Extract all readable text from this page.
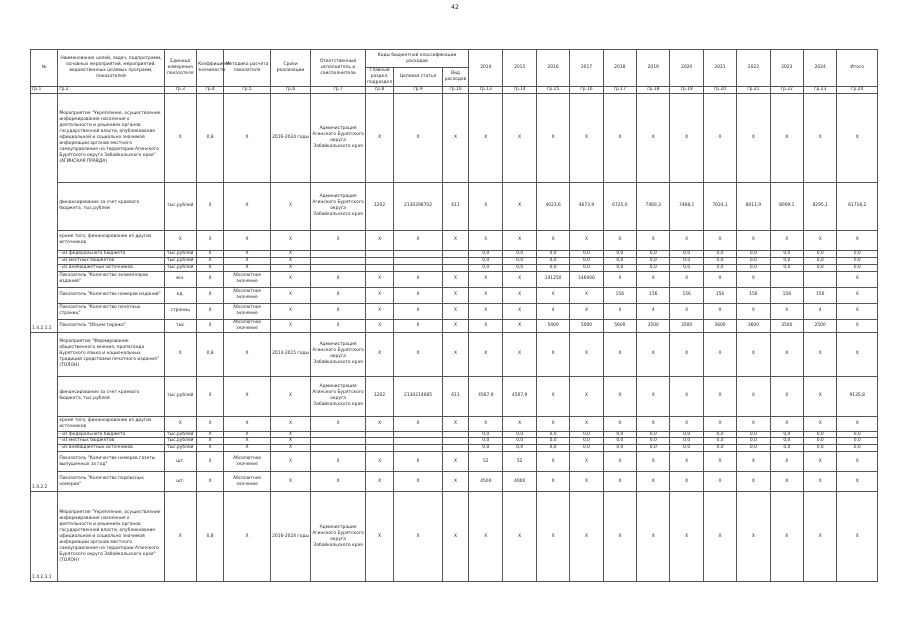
42
№	Наименование целей, задач, подпрограмм, основных мероприятий, мероприятий, ведомственных целевых программ, показателей	Единица измерения показателя	Коэффициент значимости	Методика расчета показателя	Сроки реализации	Ответственный исполнитель и соисполнители	Коды бюджетной классификации расходов			2014	2015	2016	2017	2018	2019	2020	2021	2022	2023	2024	Итого
							Главный раздел, подраздел	Целевая статья	Вид расходов												
гр.1	гр.2	гр.3	гр.4	гр.5	гр.6	гр.7	гр.8	гр.9	гр.10	гр.13	гр.14	гр.15	гр.16	гр.17	гр.18	гр.19	гр.20	гр.21	гр.22	гр.23	гр.24
1.4.2.1.1	Мероприятие "Укрепление, осуществление информирования населения о деятельности и решениях органов государственной власти, опубликование официальной и социально значимой информации органов местного самоуправления на территории Агинского Бурятского округа Забайкальского края" (АГИНСКАЯ ПРАВДА)	X	0,8	X	2016-2024 годы	Администрация Агинского Бурятского округа Забайкальского края	X	X	X	X	X	X	X	X	X	X	X	X	X	X	X
	финансирование за счет краевого бюджета, тыс.рублей	тыс.рублей	X	X	X	Администрация Агинского Бурятского округа Забайкальского края	1202	2130298702	611	X	X	4023,6	4673,9	6725,0	7460,3	7468,1	7034,1	8011,9	8009,1	8295,1	61718,2
	кроме того, финансирование из других источников	X	X	X	X	X	X	X	X	X	X	X	X	X	X	X	X	X	X	X	X
	- из федерального бюджета	тыс.рублей	X	X	X					0,0	0,0	0,0	0,0	0,0	0,0	0,0	0,0	0,0	0,0	0,0	0,0
	- из местных бюджетов	тыс.рублей	X	X	X					0,0	0,0	0,0	0,0	0,0	0,0	0,0	0,0	0,0	0,0	0,0	0,0
	- из внебюджетных источников	тыс.рублей	X	X	X					0,0	0,0	0,0	0,0	0,0	0,0	0,0	0,0	0,0	0,0	0,0	0,0
	Показатель "Количество экземпляров изданий"	экз.	X	Абсолютное значение	X	X	X	X	X	X	X	141250	146000	X	X	X	X	X			X
	Показатель "Количество номеров изданий"	ед.	X	Абсолютное значение	X	X	X	X	X	X	X	X	X	156	156	156	156	156	156	156	X
	Показатель "Количество печатных страниц"	страниц	X	Абсолютное значение	X	X	X	X	X	X	X	4	4	4	4	X	X	X	X	4	X
	Показатель "Объем тиража"	тыс	X	Абсолютное значение	X	X	X	X	X	X	X	5400	5000	5600	3500	3500	3600	3600	3500	2500	X
1.4.2.2	Мероприятие "Формирование общественного мнения, пропаганда Бурятского языка и национальных традиций средствами печатного издания" (ТОЛОН)	X	0,8	X	2014-2015 годы	Администрация Агинского Бурятского округа Забайкальского края	X	X	X	X	X	X	X	X	X	X	X	X	X	X	X
	финансирование за счет краевого бюджета, тыс.рублей	тыс.рублей	X	X	X	Администрация Агинского Бурятского округа Забайкальского края	1202	2130214085	611	4567,9	4567,9	X	X	X	X	X	X	X	X	X	9135,8
	кроме того, финансирование из других источников	X	X	X	X	X	X	X	X	X	X	X	X	X	X	X	X	X	X	X	X
	- из федерального бюджета	тыс.рублей	X	X	X					0,0	0,0	0,0	0,0	0,0	0,0	0,0	0,0	0,0	0,0	0,0	0,0
	- из местных бюджетов	тыс.рублей	X	X	X					0,0	0,0	0,0	0,0	0,0	0,0	0,0	0,0	0,0	0,0	0,0	0,0
	- из внебюджетных источников	тыс.рублей	X	X	X					0,0	0,0	0,0	0,0	0,0	0,0	0,0	0,0	0,0	0,0	0,0	0,0
	Показатель "Количество номеров газеты выпущенных за год"	шт.	X	Абсолютное значение	X	X	X	X	X	52	52	X	X	X	X	X	X	X	X	X	X
	Показатель "Количество подписных номеров"	шт.	X	Абсолютное значение	X	X	X	X	X	4500	4000	X	X	X	X	X	X	X	X	X	X
1.4.2.3.1	Мероприятие "Укрепление, осуществление информирования населения о деятельности и решениях органов государственной власти, опубликование официальной и социально значимой информации органов местного самоуправления на территории Агинского Бурятского округа Забайкальского края" (ТОЛОН)	X	0,8	X	2016-2024 годы	Администрация Агинского Бурятского округа Забайкальского края	X	X	X	X	X	X	X	X	X	X	X	X	X	X	X
